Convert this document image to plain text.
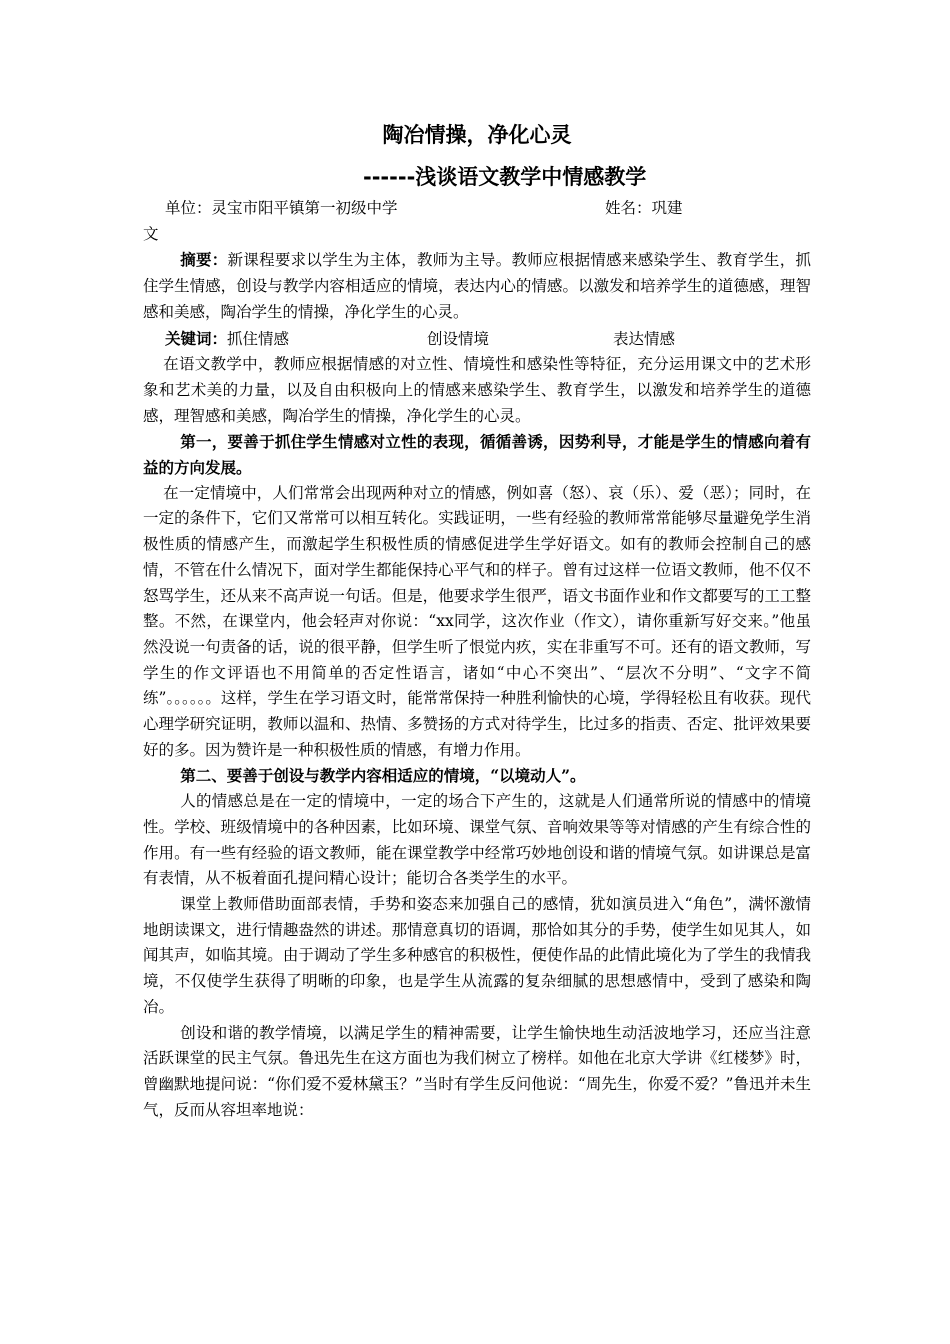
陶冶情操，净化心灵
------浅谈语文教学中情感教学
单位：灵宝市阳平镇第一初级中学	姓名：巩建
文

摘要：新课程要求以学生为主体，教师为主导。教师应根据情感来感染学生、教育学生，抓住学生情感，创设与教学内容相适应的情境，表达内心的情感。以激发和培养学生的道德感，理智感和美感，陶冶学生的情操，净化学生的心灵。

关键词：抓住情感	创设情境	表达情感

在语文教学中，教师应根据情感的对立性、情境性和感染性等特征，充分运用课文中的艺术形象和艺术美的力量，以及自由积极向上的情感来感染学生、教育学生，以激发和培养学生的道德感，理智感和美感，陶冶学生的情操，净化学生的心灵。

第一，要善于抓住学生情感对立性的表现，循循善诱，因势利导，才能是学生的情感向着有益的方向发展。

在一定情境中，人们常常会出现两种对立的情感，例如喜（怒）、哀（乐）、爱（恶）；同时，在一定的条件下，它们又常常可以相互转化。实践证明，一些有经验的教师常常能够尽量避免学生消极性质的情感产生，而激起学生积极性质的情感促进学生学好语文。如有的教师会控制自己的感情，不管在什么情况下，面对学生都能保持心平气和的样子。曾有过这样一位语文教师，他不仅不怒骂学生，还从来不高声说一句话。但是，他要求学生很严，语文书面作业和作文都要写的工工整整。不然，在课堂内，他会轻声对你说：“xx同学，这次作业（作文），请你重新写好交来。”他虽然没说一句责备的话，说的很平静，但学生听了恨觉内疚，实在非重写不可。还有的语文教师，写学生的作文评语也不用简单的否定性语言，诸如“中心不突出”、“层次不分明”、“文字不简练”。。。。。。这样，学生在学习语文时，能常常保持一种胜利愉快的心境，学得轻松且有收获。现代心理学研究证明，教师以温和、热情、多赞扬的方式对待学生，比过多的指责、否定、批评效果要好的多。因为赞许是一种积极性质的情感，有增力作用。

第二、要善于创设与教学内容相适应的情境，“以境动人”。

人的情感总是在一定的情境中，一定的场合下产生的，这就是人们通常所说的情感中的情境性。学校、班级情境中的各种因素，比如环境、课堂气氛、音响效果等等对情感的产生有综合性的作用。有一些有经验的语文教师，能在课堂教学中经常巧妙地创设和谐的情境气氛。如讲课总是富有表情，从不板着面孔提问精心设计；能切合各类学生的水平。

课堂上教师借助面部表情，手势和姿态来加强自己的感情，犹如演员进入“角色”，满怀激情地朗读课文，进行情趣盎然的讲述。那情意真切的语调，那恰如其分的手势，使学生如见其人，如闻其声，如临其境。由于调动了学生多种感官的积极性，便使作品的此情此境化为了学生的我情我境，不仅使学生获得了明晰的印象，也是学生从流露的复杂细腻的思想感情中，受到了感染和陶冶。

创设和谐的教学情境，以满足学生的精神需要，让学生愉快地生动活波地学习，还应当注意活跃课堂的民主气氛。鲁迅先生在这方面也为我们树立了榜样。如他在北京大学讲《红楼梦》时，曾幽默地提问说：“你们爱不爱林黛玉？”当时有学生反问他说：“周先生，你爱不爱？”鲁迅并未生气，反而从容坦率地说：
